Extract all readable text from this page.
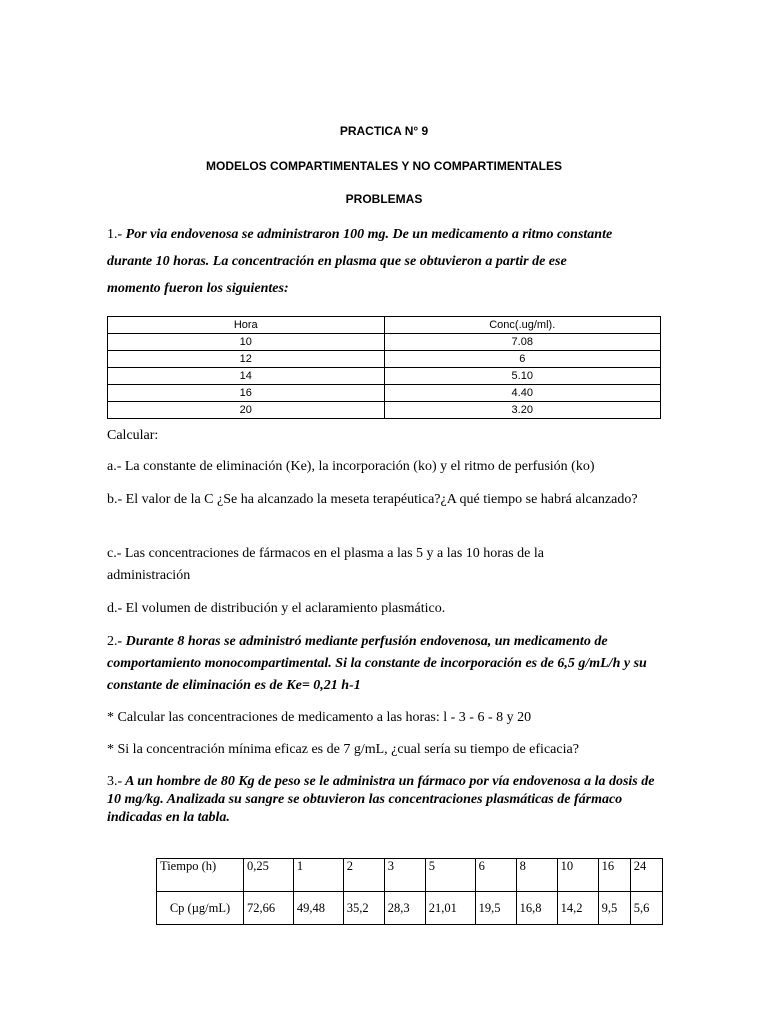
PRACTICA N° 9
MODELOS COMPARTIMENTALES Y NO COMPARTIMENTALES
PROBLEMAS
1.- Por via endovenosa se administraron 100 mg. De un medicamento a ritmo constante
durante 10 horas. La concentración en plasma que se obtuvieron a partir de ese
momento fueron los siguientes:
Hora	Conc(.ug/ml).
10	7.08
12	6
14	5.10
16	4.40
20	3.20
Calcular:
a.- La constante de eliminación (Ke), la incorporación (ko) y el ritmo de perfusión (ko)
b.- El valor de la C ¿Se ha alcanzado la meseta terapéutica?¿A qué tiempo se habrá alcanzado?
c.- Las concentraciones de fármacos en el plasma a las 5 y a las 10 horas de la administración
d.- El volumen de distribución y el aclaramiento plasmático.
2.- Durante 8 horas se administró mediante perfusión endovenosa, un medicamento de comportamiento monocompartimental. Si la constante de incorporación es de 6,5 g/mL/h y su constante de eliminación es de Ke= 0,21 h-1
* Calcular las concentraciones de medicamento a las horas: l - 3 - 6 - 8 y 20
* Si la concentración mínima eficaz es de 7 g/mL, ¿cual sería su tiempo de eficacia?
3.- A un hombre de 80 Kg de peso se le administra un fármaco por vía endovenosa a la dosis de 10 mg/kg. Analizada su sangre se obtuvieron las concentraciones plasmáticas de fármaco indicadas en la tabla.
Tiempo (h)	0,25	1	2	3	5	6	8	10	16	24
Cp (µg/mL)	72,66	49,48	35,2	28,3	21,01	19,5	16,8	14,2	9,5	5,6
